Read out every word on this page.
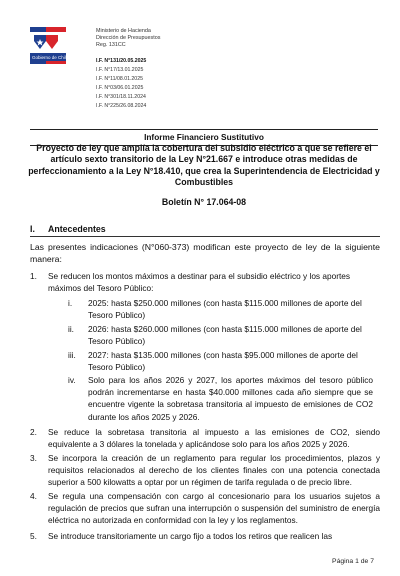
Gobierno de Chile
Ministerio de Hacienda
Dirección de Presupuestos
Reg. 131CC
I.F. N°131/20.05.2025
I.F. N°17/13.01.2025
I.F. N°11/08.01.2025
I.F. N°03/06.01.2025
I.F. N°301/18.11.2024
I.F. N°225/26.08.2024
Informe Financiero Sustitutivo
Proyecto de ley que amplía la cobertura del subsidio eléctrico a que se refiere el artículo sexto transitorio de la Ley N°21.667 e introduce otras medidas de perfeccionamiento a la Ley N°18.410, que crea la Superintendencia de Electricidad y Combustibles
Boletín N° 17.064-08
I. Antecedentes
Las presentes indicaciones (N°060-373) modifican este proyecto de ley de la siguiente manera:
1. Se reducen los montos máximos a destinar para el subsidio eléctrico y los aportes máximos del Tesoro Público:
i. 2025: hasta $250.000 millones (con hasta $115.000 millones de aporte del Tesoro Público)
ii. 2026: hasta $260.000 millones (con hasta $115.000 millones de aporte del Tesoro Público)
iii. 2027: hasta $135.000 millones (con hasta $95.000 millones de aporte del Tesoro Público)
iv. Solo para los años 2026 y 2027, los aportes máximos del tesoro público podrán incrementarse en hasta $40.000 millones cada año siempre que se encuentre vigente la sobretasa transitoria al impuesto de emisiones de CO2 durante los años 2025 y 2026.
2. Se reduce la sobretasa transitoria al impuesto a las emisiones de CO2, siendo equivalente a 3 dólares la tonelada y aplicándose solo para los años 2025 y 2026.
3. Se incorpora la creación de un reglamento para regular los procedimientos, plazos y requisitos relacionados al derecho de los clientes finales con una potencia conectada superior a 500 kilowatts a optar por un régimen de tarifa regulada o de precio libre.
4. Se regula una compensación con cargo al concesionario para los usuarios sujetos a regulación de precios que sufran una interrupción o suspensión del suministro de energía eléctrica no autorizada en conformidad con la ley y los reglamentos.
5. Se introduce transitoriamente un cargo fijo a todos los retiros que realicen las
Página 1 de 7
